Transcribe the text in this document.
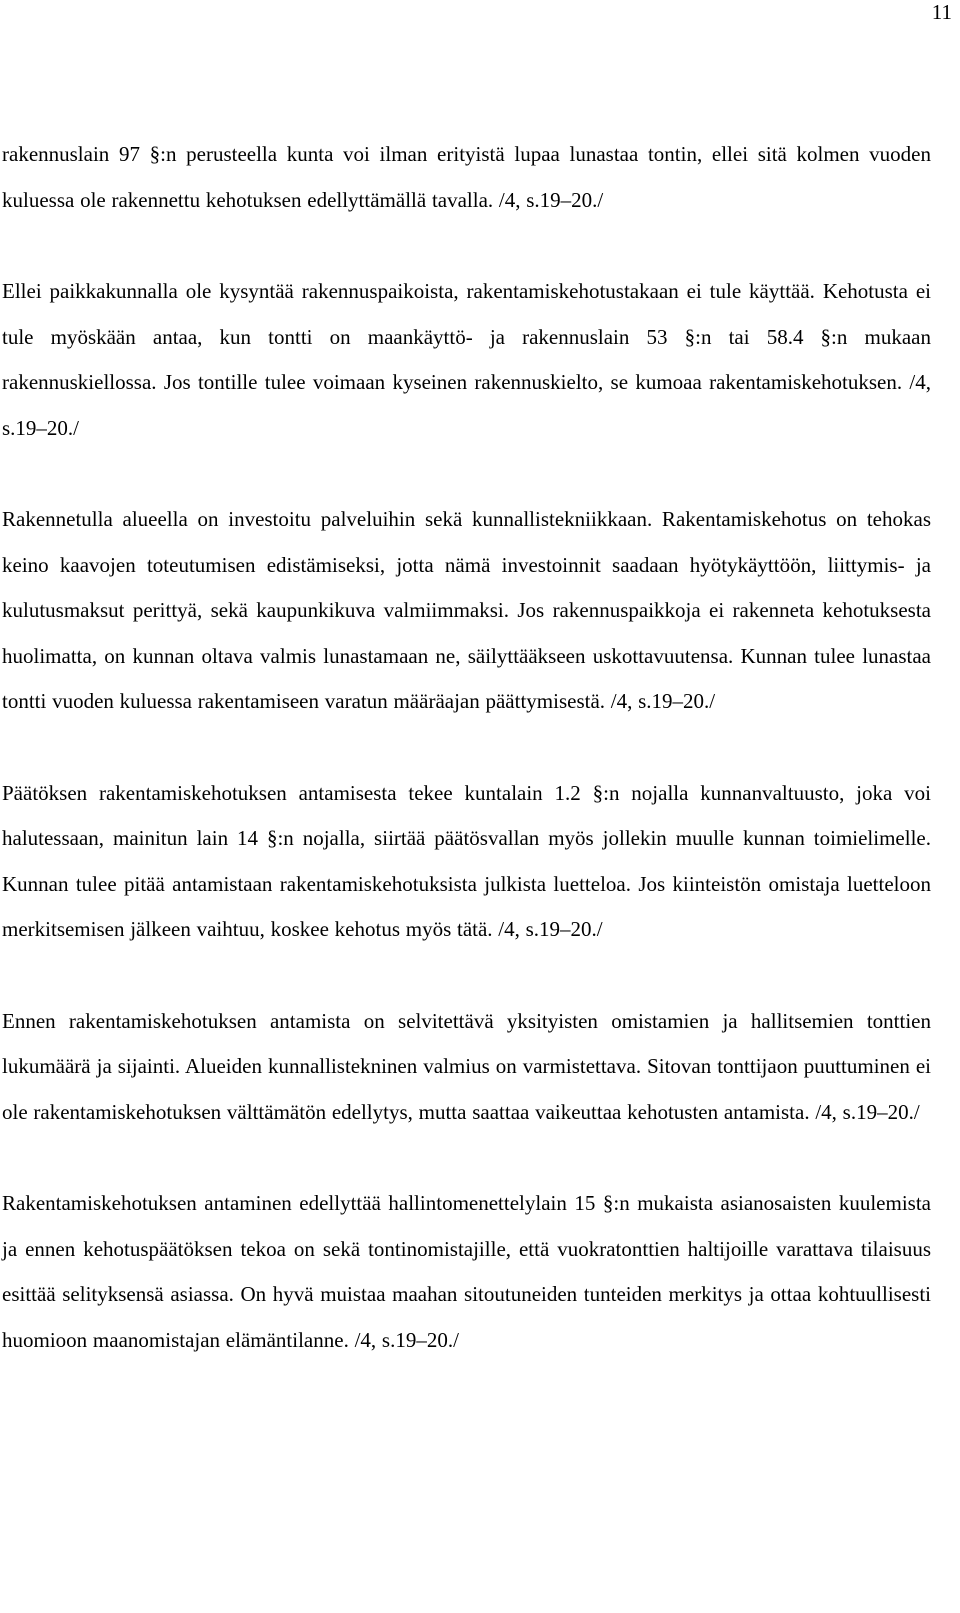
11

rakennuslain 97 §:n perusteella kunta voi ilman erityistä lupaa lunastaa tontin, ellei sitä kolmen vuoden kuluessa ole rakennettu kehotuksen edellyttämällä tavalla. /4, s.19–20./

Ellei paikkakunnalla ole kysyntää rakennuspaikoista, rakentamiskehotustakaan ei tule käyttää. Kehotusta ei tule myöskään antaa, kun tontti on maankäyttö- ja rakennuslain 53 §:n tai 58.4 §:n mukaan rakennuskiellossa. Jos tontille tulee voimaan kyseinen rakennuskielto, se kumoaa rakentamiskehotuksen. /4, s.19–20./

Rakennetulla alueella on investoitu palveluihin sekä kunnallistekniikkaan. Rakentamiskehotus on tehokas keino kaavojen toteutumisen edistämiseksi, jotta nämä investoinnit saadaan hyötykäyttöön, liittymis- ja kulutusmaksut perittyä, sekä kaupunkikuva valmiimmaksi. Jos rakennuspaikkoja ei rakenneta kehotuksesta huolimatta, on kunnan oltava valmis lunastamaan ne, säilyttääkseen uskottavuutensa. Kunnan tulee lunastaa tontti vuoden kuluessa rakentamiseen varatun määräajan päättymisestä. /4, s.19–20./

Päätöksen rakentamiskehotuksen antamisesta tekee kuntalain 1.2 §:n nojalla kunnanvaltuusto, joka voi halutessaan, mainitun lain 14 §:n nojalla, siirtää päätösvallan myös jollekin muulle kunnan toimielimelle. Kunnan tulee pitää antamistaan rakentamiskehotuksista julkista luetteloa. Jos kiinteistön omistaja luetteloon merkitsemisen jälkeen vaihtuu, koskee kehotus myös tätä. /4, s.19–20./

Ennen rakentamiskehotuksen antamista on selvitettävä yksityisten omistamien ja hallitsemien tonttien lukumäärä ja sijainti. Alueiden kunnallistekninen valmius on varmistettava. Sitovan tonttijaon puuttuminen ei ole rakentamiskehotuksen välttämätön edellytys, mutta saattaa vaikeuttaa kehotusten antamista. /4, s.19–20./

Rakentamiskehotuksen antaminen edellyttää hallintomenettelylain 15 §:n mukaista asianosaisten kuulemista ja ennen kehotuspäätöksen tekoa on sekä tontinomistajille, että vuokratonttien haltijoille varattava tilaisuus esittää selityksensä asiassa. On hyvä muistaa maahan sitoutuneiden tunteiden merkitys ja ottaa kohtuullisesti huomioon maanomistajan elämäntilanne. /4, s.19–20./
